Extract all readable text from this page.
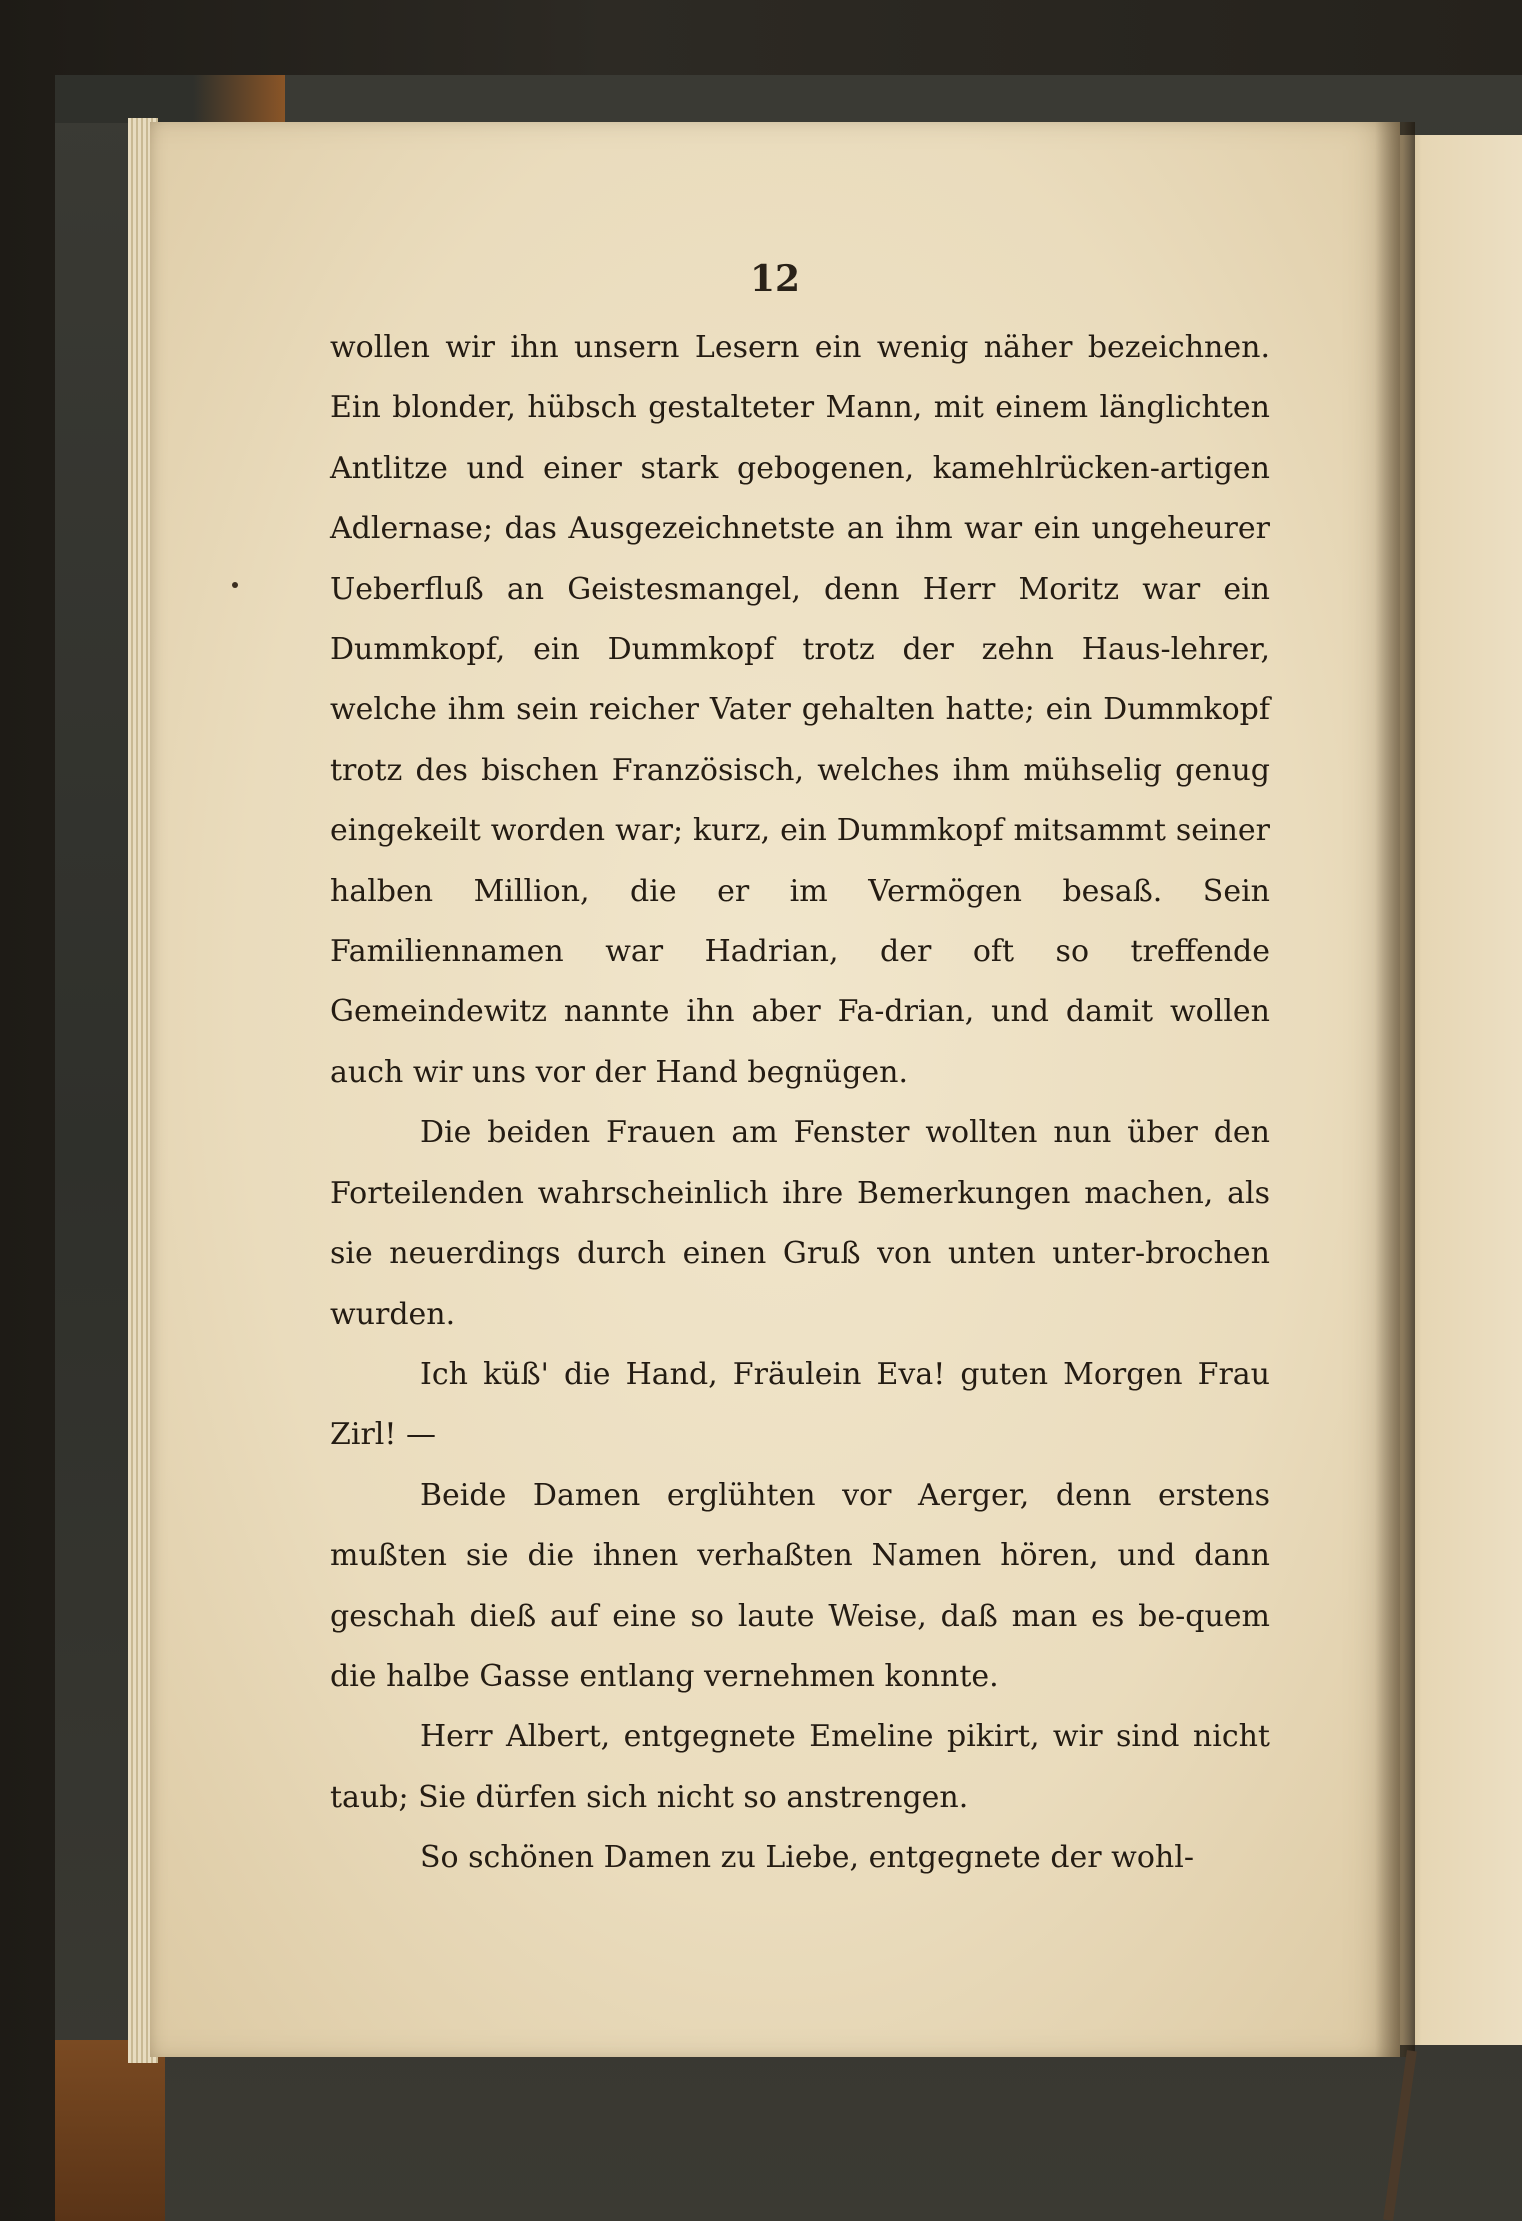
12

wollen wir ihn unsern Lesern ein wenig näher bezeichnen. Ein blonder, hübsch gestalteter Mann, mit einem länglichten Antlitze und einer stark gebogenen, kamehlrücken-artigen Adlernase; das Ausgezeichnetste an ihm war ein ungeheurer Ueberfluß an Geistesmangel, denn Herr Moritz war ein Dummkopf, ein Dummkopf trotz der zehn Haus-lehrer, welche ihm sein reicher Vater gehalten hatte; ein Dummkopf trotz des bischen Französisch, welches ihm mühselig genug eingekeilt worden war; kurz, ein Dummkopf mitsammt seiner halben Million, die er im Vermögen besaß. Sein Familiennamen war Hadrian, der oft so treffende Gemeindewitz nannte ihn aber Fa-drian, und damit wollen auch wir uns vor der Hand begnügen.

Die beiden Frauen am Fenster wollten nun über den Forteilenden wahrscheinlich ihre Bemerkungen machen, als sie neuerdings durch einen Gruß von unten unter-brochen wurden.

Ich küß' die Hand, Fräulein Eva! guten Morgen Frau Zirl! —

Beide Damen erglühten vor Aerger, denn erstens mußten sie die ihnen verhaßten Namen hören, und dann geschah dieß auf eine so laute Weise, daß man es be-quem die halbe Gasse entlang vernehmen konnte.

Herr Albert, entgegnete Emeline pikirt, wir sind nicht taub; Sie dürfen sich nicht so anstrengen.

So schönen Damen zu Liebe, entgegnete der wohl-
